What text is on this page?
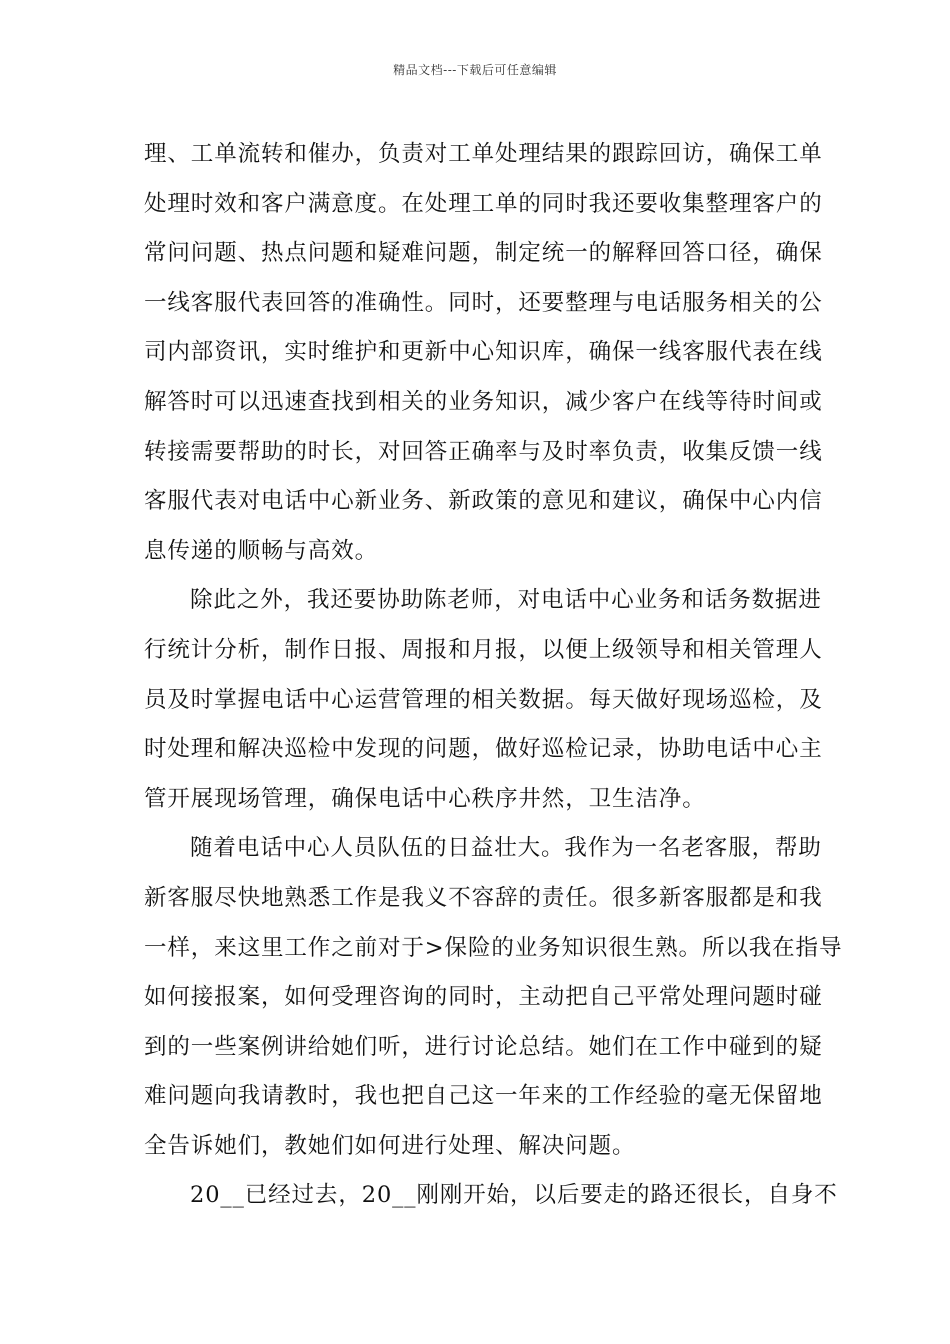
精品文档---下载后可任意编辑
理、工单流转和催办，负责对工单处理结果的跟踪回访，确保工单
处理时效和客户满意度。在处理工单的同时我还要收集整理客户的
常问问题、热点问题和疑难问题，制定统一的解释回答口径，确保
一线客服代表回答的准确性。同时，还要整理与电话服务相关的公
司内部资讯，实时维护和更新中心知识库，确保一线客服代表在线
解答时可以迅速查找到相关的业务知识，减少客户在线等待时间或
转接需要帮助的时长，对回答正确率与及时率负责，收集反馈一线
客服代表对电话中心新业务、新政策的意见和建议，确保中心内信
息传递的顺畅与高效。
除此之外，我还要协助陈老师，对电话中心业务和话务数据进
行统计分析，制作日报、周报和月报，以便上级领导和相关管理人
员及时掌握电话中心运营管理的相关数据。每天做好现场巡检，及
时处理和解决巡检中发现的问题，做好巡检记录，协助电话中心主
管开展现场管理，确保电话中心秩序井然，卫生洁净。
随着电话中心人员队伍的日益壮大。我作为一名老客服，帮助
新客服尽快地熟悉工作是我义不容辞的责任。很多新客服都是和我
一样，来这里工作之前对于>保险的业务知识很生熟。所以我在指导
如何接报案，如何受理咨询的同时，主动把自己平常处理问题时碰
到的一些案例讲给她们听，进行讨论总结。她们在工作中碰到的疑
难问题向我请教时，我也把自己这一年来的工作经验的毫无保留地
全告诉她们，教她们如何进行处理、解决问题。
20__已经过去，20__刚刚开始，以后要走的路还很长，自身不
